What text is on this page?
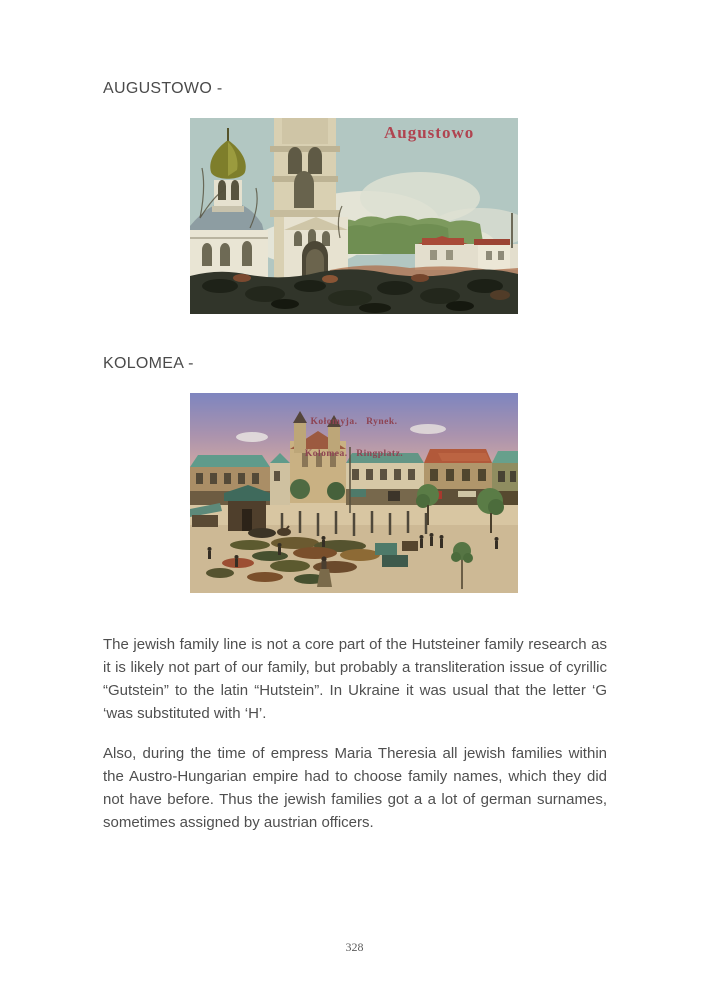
AUGUSTOWO -
Augustowo
KOLOMEA -

Kołomyja.   Rynek.

Kolomea.   Ringplatz.

The jewish family line is not a core part of the Hutsteiner family research as it is likely not part of our family, but probably a transliteration issue of cyrillic “Gutstein” to the latin “Hutstein”. In Ukraine it was usual that the letter ‘G ‘was substituted with ‘H’.

Also, during the time of empress Maria Theresia all jewish families within the Austro-Hungarian empire had to choose family names, which they did not have before. Thus the jewish families got a a lot of german surnames, sometimes assigned by austrian officers.

328
